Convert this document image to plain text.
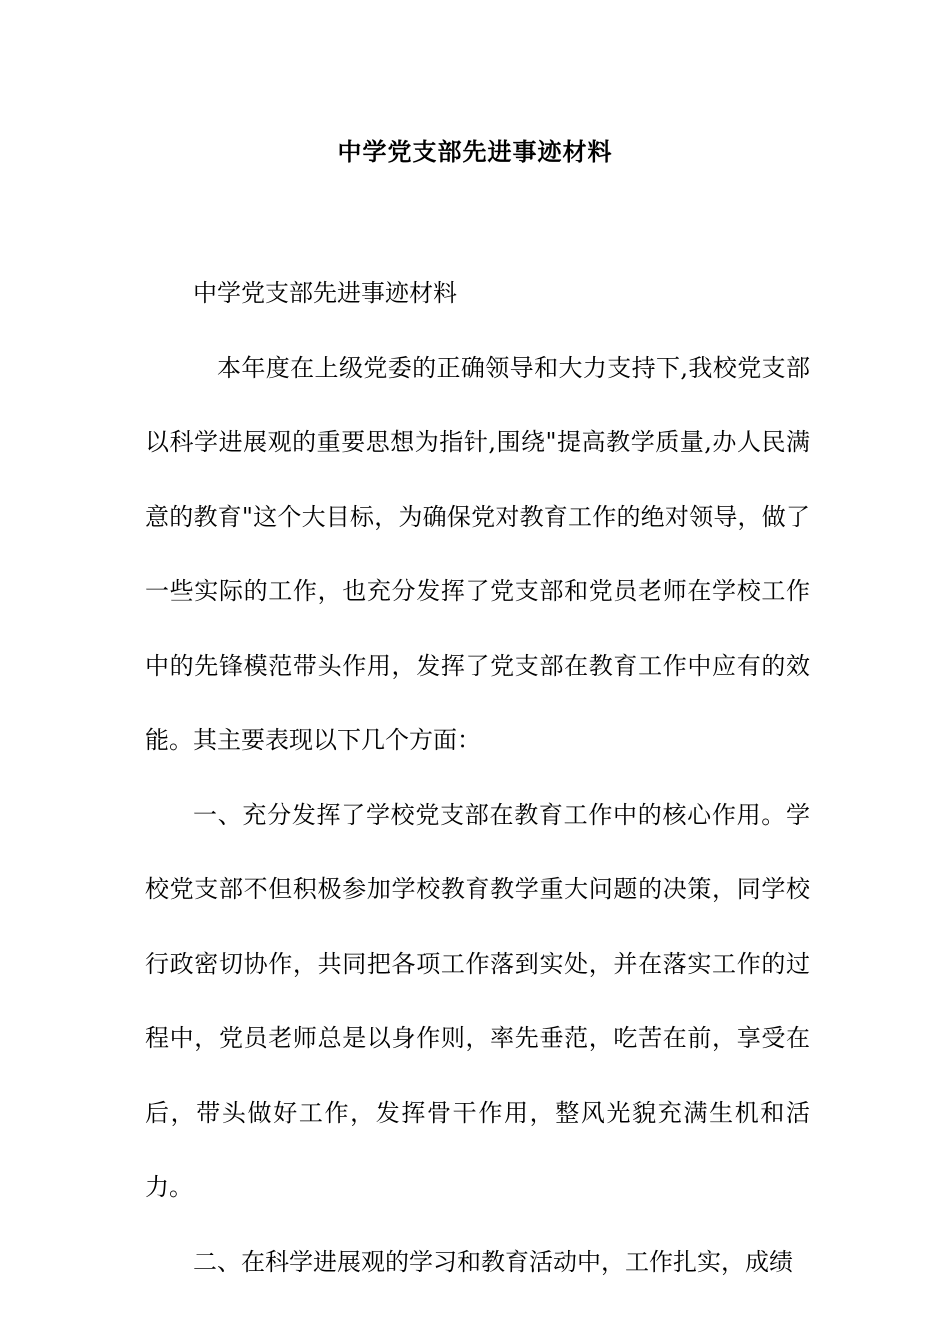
中学党支部先进事迹材料

中学党支部先进事迹材料

本年度在上级党委的正确领导和大力支持下,我校党支部以科学进展观的重要思想为指针,围绕"提高教学质量,办人民满意的教育"这个大目标，为确保党对教育工作的绝对领导，做了一些实际的工作，也充分发挥了党支部和党员老师在学校工作中的先锋模范带头作用，发挥了党支部在教育工作中应有的效能。其主要表现以下几个方面：

一、充分发挥了学校党支部在教育工作中的核心作用。学校党支部不但积极参加学校教育教学重大问题的决策，同学校行政密切协作，共同把各项工作落到实处，并在落实工作的过程中，党员老师总是以身作则，率先垂范，吃苦在前，享受在后，带头做好工作，发挥骨干作用，整风光貌充满生机和活力。

二、在科学进展观的学习和教育活动中，工作扎实，成绩
